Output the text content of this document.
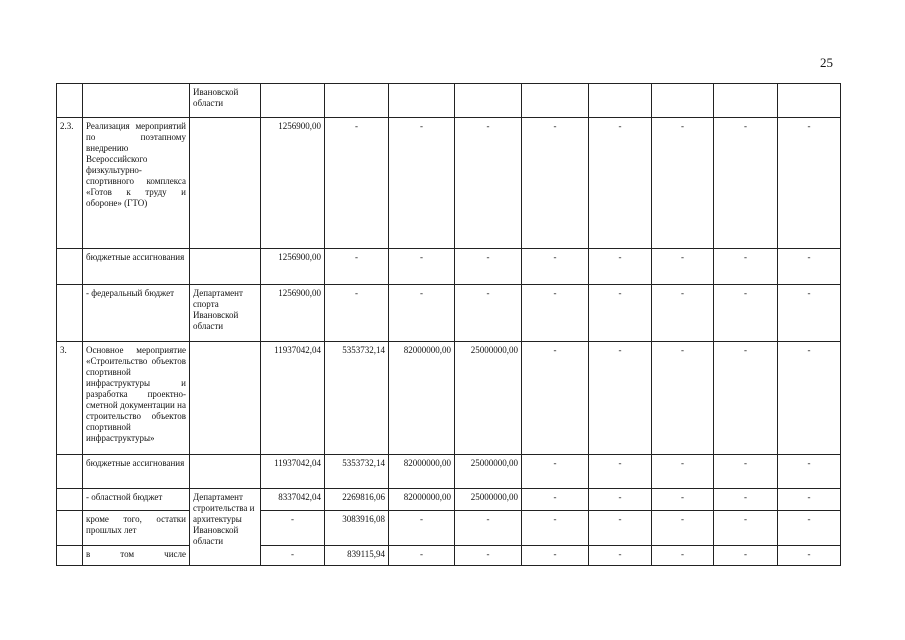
25
		Ивановской области									
2.3.	Реализация мероприятий по поэтапному внедрению Всероссийского физкультурно-спортивного комплекса «Готов к труду и обороне» (ГТО)		1256900,00	-	-	-	-	-	-	-	-
	бюджетные ассигнования		1256900,00	-	-	-	-	-	-	-	-
	- федеральный бюджет	Департамент спорта Ивановской области	1256900,00	-	-	-	-	-	-	-	-
3.	Основное мероприятие «Строительство объектов спортивной инфраструктуры и разработка проектно-сметной документации на строительство объектов спортивной инфраструктуры»		11937042,04	5353732,14	82000000,00	25000000,00	-	-	-	-	-
	бюджетные ассигнования		11937042,04	5353732,14	82000000,00	25000000,00	-	-	-	-	-
	- областной бюджет	Департамент строительства и архитектуры Ивановской области	8337042,04	2269816,06	82000000,00	25000000,00	-	-	-	-	-
	кроме того, остатки прошлых лет		-	3083916,08	-	-	-	-	-	-	-
	в том числе		-	839115,94	-	-	-	-	-	-	-
